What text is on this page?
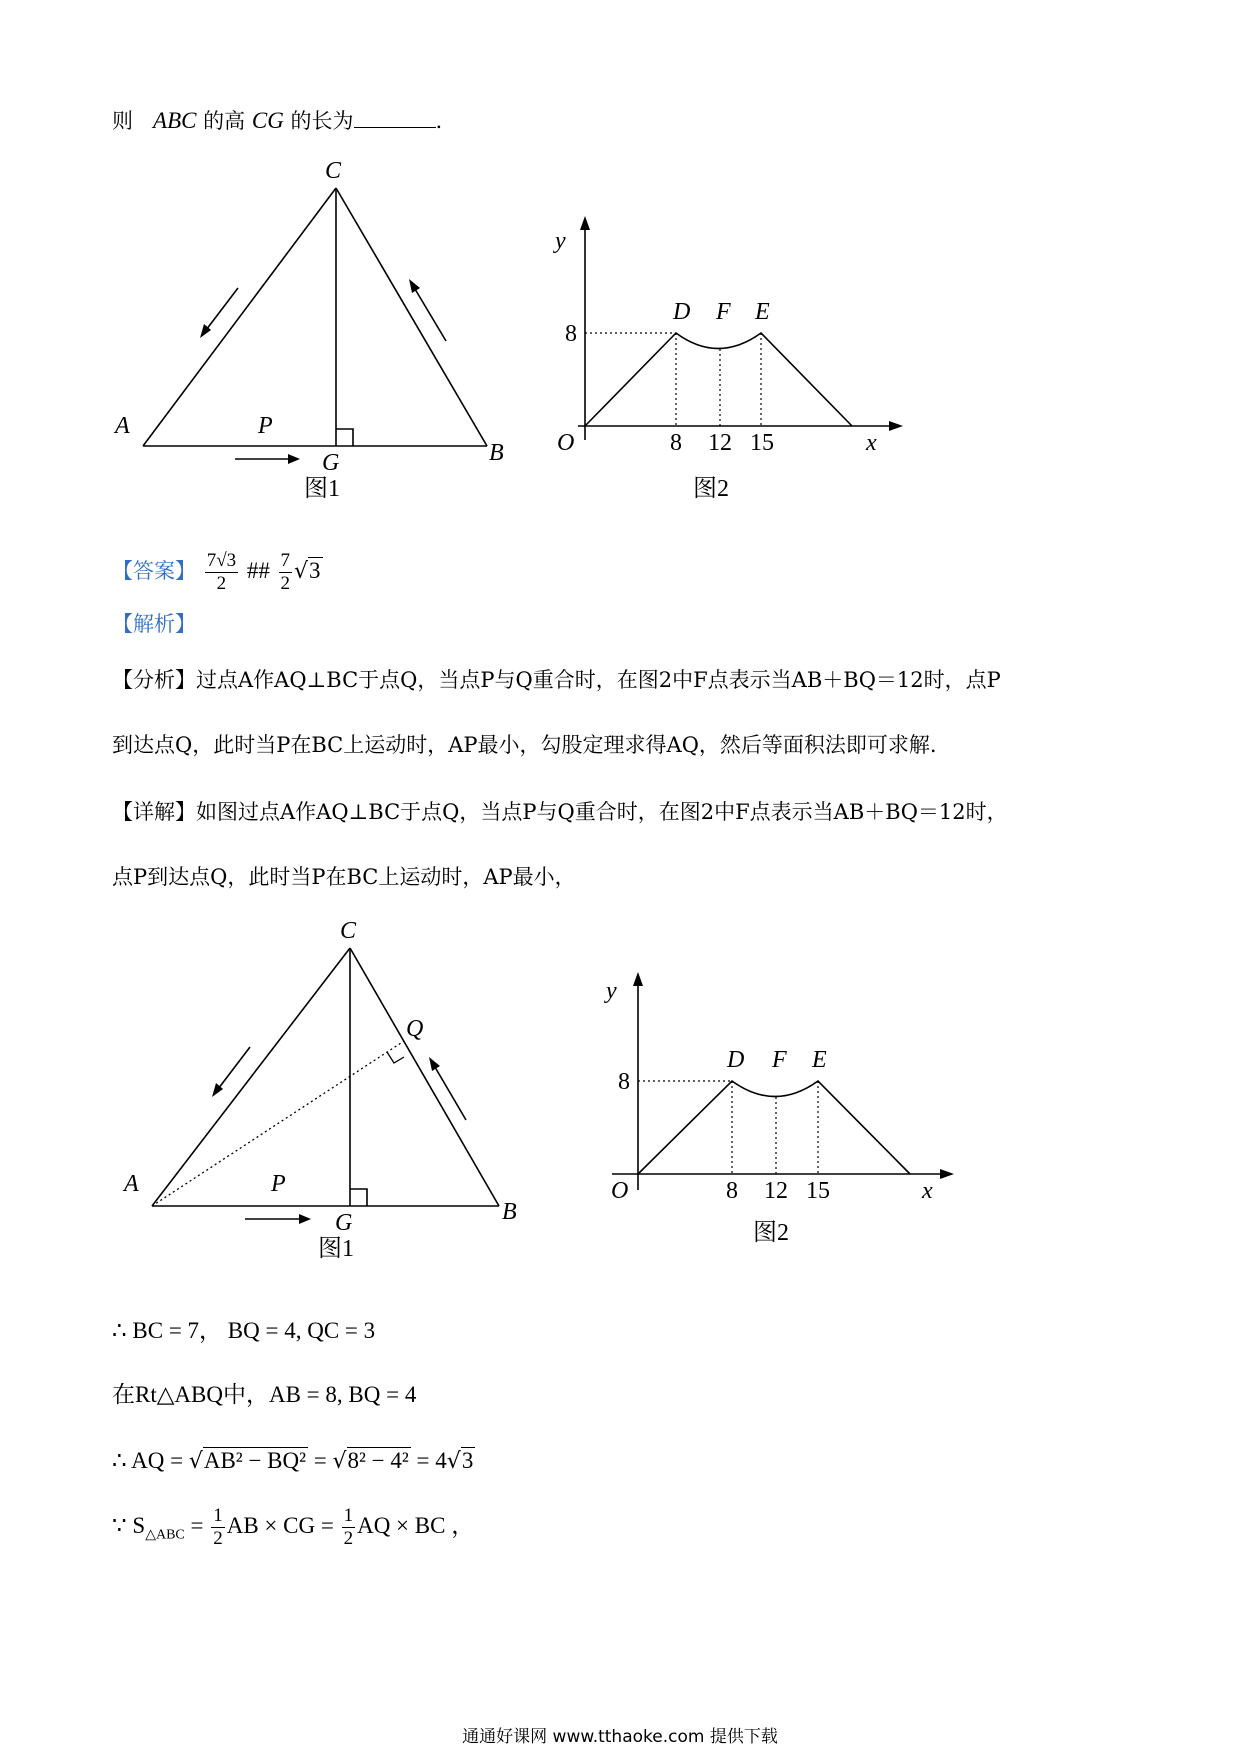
则 ABC 的高 CG 的长为	.
C
A
B
P
G
图1
y
x
O
D F E
8
8 12 15
图2
【答案】 $\frac{7√3}{2}$ ## $\frac{7}{2} √3$
【解析】
【分析】过点A作AQ⊥BC于点Q，当点P与Q重合时，在图2中F点表示当AB＋BQ＝12时，点P
到达点Q，此时当P在BC上运动时，AP最小，勾股定理求得AQ，然后等面积法即可求解.
【详解】如图过点A作AQ⊥BC于点Q，当点P与Q重合时，在图2中F点表示当AB＋BQ＝12时，
点P到达点Q，此时当P在BC上运动时，AP最小，
C
A
B
P
G
Q
图1
y
x
O
D F E
8
8 12 15
图2
∴ BC = 7， BQ = 4, QC = 3
在Rt△ABQ中，AB = 8, BQ = 4
∴ AQ = √AB² − BQ² = √8² − 4² = 4√3
∵ $S_{\triangle ABC} = \frac{1}{2}$ AB × CG = $\frac{1}{2}$ AQ × BC ，
通通好课网 www.tthaoke.com 提供下载
